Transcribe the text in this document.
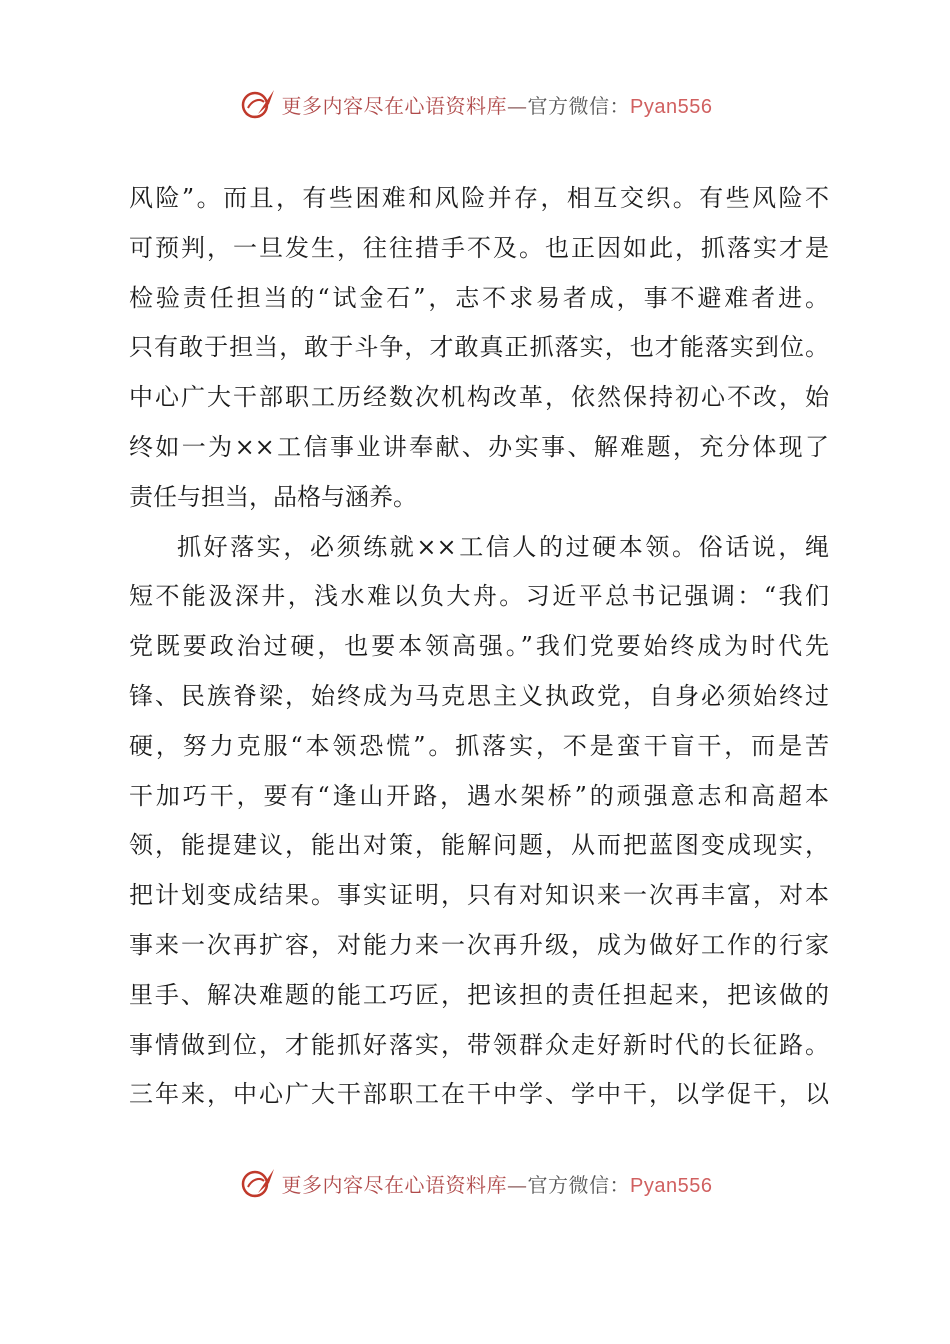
更多内容尽在心语资料库—官方微信：Pyan556
风险”。而且，有些困难和风险并存，相互交织。有些风险不
可预判，一旦发生，往往措手不及。也正因如此，抓落实才是
检验责任担当的“试金石”，志不求易者成，事不避难者进。
只有敢于担当，敢于斗争，才敢真正抓落实，也才能落实到位。
中心广大干部职工历经数次机构改革，依然保持初心不改，始
终如一为××工信事业讲奉献、办实事、解难题，充分体现了
责任与担当，品格与涵养。
抓好落实，必须练就××工信人的过硬本领。俗话说，绳
短不能汲深井，浅水难以负大舟。习近平总书记强调：“我们
党既要政治过硬，也要本领高强。”我们党要始终成为时代先
锋、民族脊梁，始终成为马克思主义执政党，自身必须始终过
硬，努力克服“本领恐慌”。抓落实，不是蛮干盲干，而是苦
干加巧干，要有“逢山开路，遇水架桥”的顽强意志和高超本
领，能提建议，能出对策，能解问题，从而把蓝图变成现实，
把计划变成结果。事实证明，只有对知识来一次再丰富，对本
事来一次再扩容，对能力来一次再升级，成为做好工作的行家
里手、解决难题的能工巧匠，把该担的责任担起来，把该做的
事情做到位，才能抓好落实，带领群众走好新时代的长征路。
三年来，中心广大干部职工在干中学、学中干，以学促干，以
更多内容尽在心语资料库—官方微信：Pyan556
